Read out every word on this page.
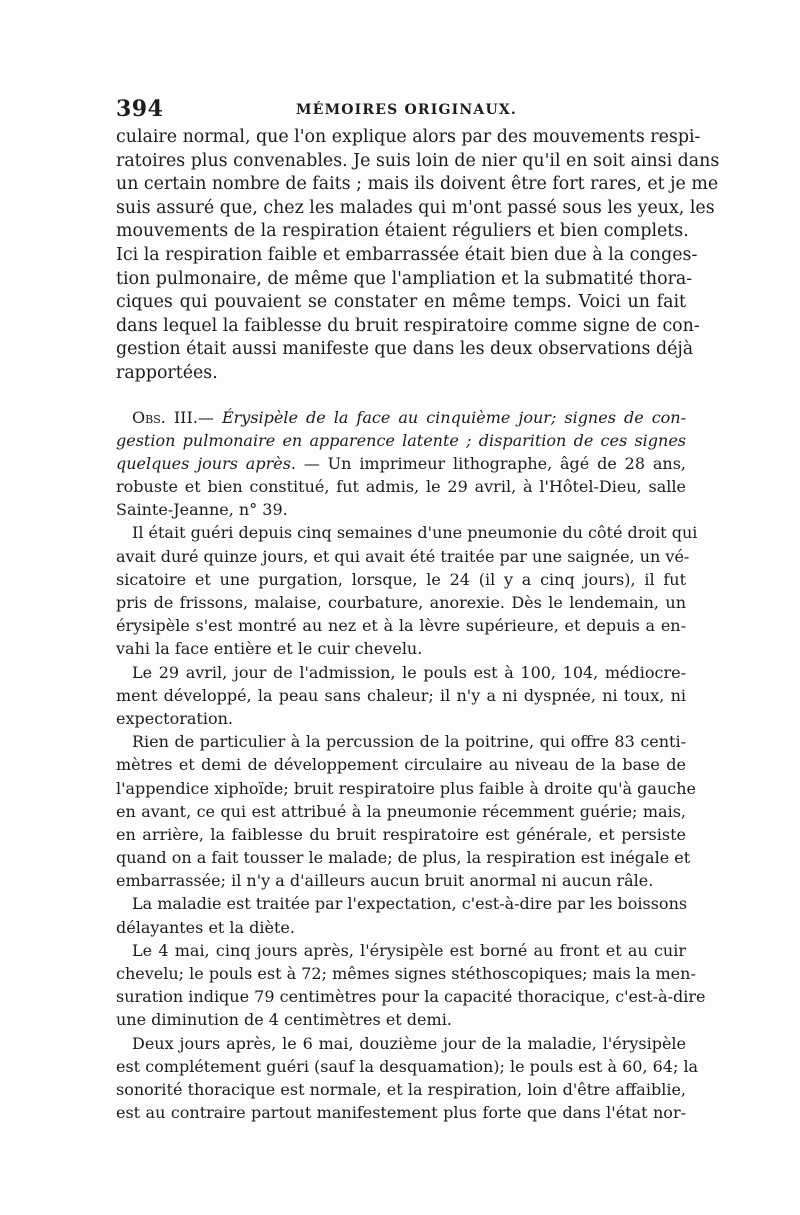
394	MÉMOIRES ORIGINAUX.
culaire normal, que l'on explique alors par des mouvements respi-
ratoires plus convenables. Je suis loin de nier qu'il en soit ainsi dans
un certain nombre de faits ; mais ils doivent être fort rares, et je me
suis assuré que, chez les malades qui m'ont passé sous les yeux, les
mouvements de la respiration étaient réguliers et bien complets.
Ici la respiration faible et embarrassée était bien due à la conges-
tion pulmonaire, de même que l'ampliation et la submatité thora-
ciques qui pouvaient se constater en même temps. Voici un fait
dans lequel la faiblesse du bruit respiratoire comme signe de con-
gestion était aussi manifeste que dans les deux observations déjà
rapportées.
Obs. III.— Érysipèle de la face au cinquième jour; signes de con-
gestion pulmonaire en apparence latente ; disparition de ces signes
quelques jours après. — Un imprimeur lithographe, âgé de 28 ans,
robuste et bien constitué, fut admis, le 29 avril, à l'Hôtel-Dieu, salle
Sainte-Jeanne, n° 39.
Il était guéri depuis cinq semaines d'une pneumonie du côté droit qui
avait duré quinze jours, et qui avait été traitée par une saignée, un vé-
sicatoire et une purgation, lorsque, le 24 (il y a cinq jours), il fut
pris de frissons, malaise, courbature, anorexie. Dès le lendemain, un
érysipèle s'est montré au nez et à la lèvre supérieure, et depuis a en-
vahi la face entière et le cuir chevelu.
Le 29 avril, jour de l'admission, le pouls est à 100, 104, médiocre-
ment développé, la peau sans chaleur; il n'y a ni dyspnée, ni toux, ni
expectoration.
Rien de particulier à la percussion de la poitrine, qui offre 83 centi-
mètres et demi de développement circulaire au niveau de la base de
l'appendice xiphoïde; bruit respiratoire plus faible à droite qu'à gauche
en avant, ce qui est attribué à la pneumonie récemment guérie; mais,
en arrière, la faiblesse du bruit respiratoire est générale, et persiste
quand on a fait tousser le malade; de plus, la respiration est inégale et
embarrassée; il n'y a d'ailleurs aucun bruit anormal ni aucun râle.
La maladie est traitée par l'expectation, c'est-à-dire par les boissons
délayantes et la diète.
Le 4 mai, cinq jours après, l'érysipèle est borné au front et au cuir
chevelu; le pouls est à 72; mêmes signes stéthoscopiques; mais la men-
suration indique 79 centimètres pour la capacité thoracique, c'est-à-dire
une diminution de 4 centimètres et demi.
Deux jours après, le 6 mai, douzième jour de la maladie, l'érysipèle
est complétement guéri (sauf la desquamation); le pouls est à 60, 64; la
sonorité thoracique est normale, et la respiration, loin d'être affaiblie,
est au contraire partout manifestement plus forte que dans l'état nor-
